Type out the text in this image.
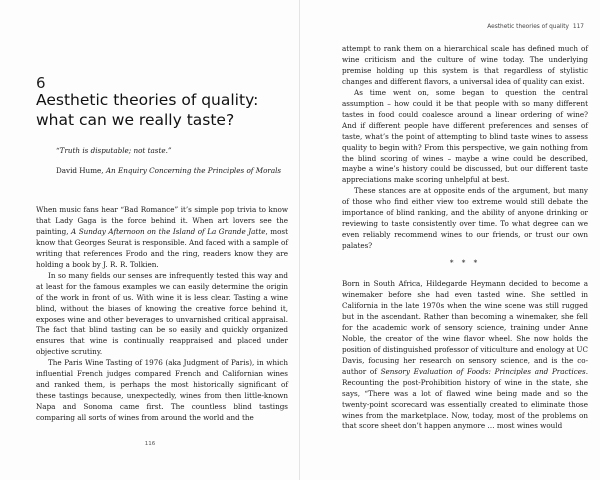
6
Aesthetic theories of quality: what can we really taste?
“Truth is disputable; not taste.”
David Hume, An Enquiry Concerning the Principles of Morals

When music fans hear “Bad Romance” it’s simple pop trivia to know that Lady Gaga is the force behind it. When art lovers see the painting, A Sunday Afternoon on the Island of La Grande Jatte, most know that Georges Seurat is responsible. And faced with a sample of writing that references Frodo and the ring, readers know they are holding a book by J. R. R. Tolkien.

In so many fields our senses are infrequently tested this way and at least for the famous examples we can easily determine the origin of the work in front of us. With wine it is less clear. Tasting a wine blind, without the biases of knowing the creative force behind it, exposes wine and other beverages to unvarnished critical appraisal. The fact that blind tasting can be so easily and quickly organized ensures that wine is continually reappraised and placed under objective scrutiny.

The Paris Wine Tasting of 1976 (aka Judgment of Paris), in which influential French judges compared French and Californian wines and ranked them, is perhaps the most historically significant of these tastings because, unexpectedly, wines from then little-known Napa and Sonoma came first. The countless blind tastings comparing all sorts of wines from around the world and the

116
Aesthetic theories of quality 117

attempt to rank them on a hierarchical scale has defined much of wine criticism and the culture of wine today. The underlying premise holding up this system is that regardless of stylistic changes and different flavors, a universal idea of quality can exist.

As time went on, some began to question the central assumption – how could it be that people with so many different tastes in food could coalesce around a linear ordering of wine? And if different people have different preferences and senses of taste, what’s the point of attempting to blind taste wines to assess quality to begin with? From this perspective, we gain nothing from the blind scoring of wines – maybe a wine could be described, maybe a wine’s history could be discussed, but our different taste appreciations make scoring unhelpful at best.

These stances are at opposite ends of the argument, but many of those who find either view too extreme would still debate the importance of blind ranking, and the ability of anyone drinking or reviewing to taste consistently over time. To what degree can we even reliably recommend wines to our friends, or trust our own palates?

* * *

Born in South Africa, Hildegarde Heymann decided to become a winemaker before she had even tasted wine. She settled in California in the late 1970s when the wine scene was still rugged but in the ascendant. Rather than becoming a winemaker, she fell for the academic work of sensory science, training under Anne Noble, the creator of the wine flavor wheel. She now holds the position of distinguished professor of viticulture and enology at UC Davis, focusing her research on sensory science, and is the co-author of Sensory Evaluation of Foods: Principles and Practices. Recounting the post-Prohibition history of wine in the state, she says, “There was a lot of flawed wine being made and so the twenty-point scorecard was essentially created to eliminate those wines from the marketplace. Now, today, most of the problems on that score sheet don’t happen anymore … most wines would
